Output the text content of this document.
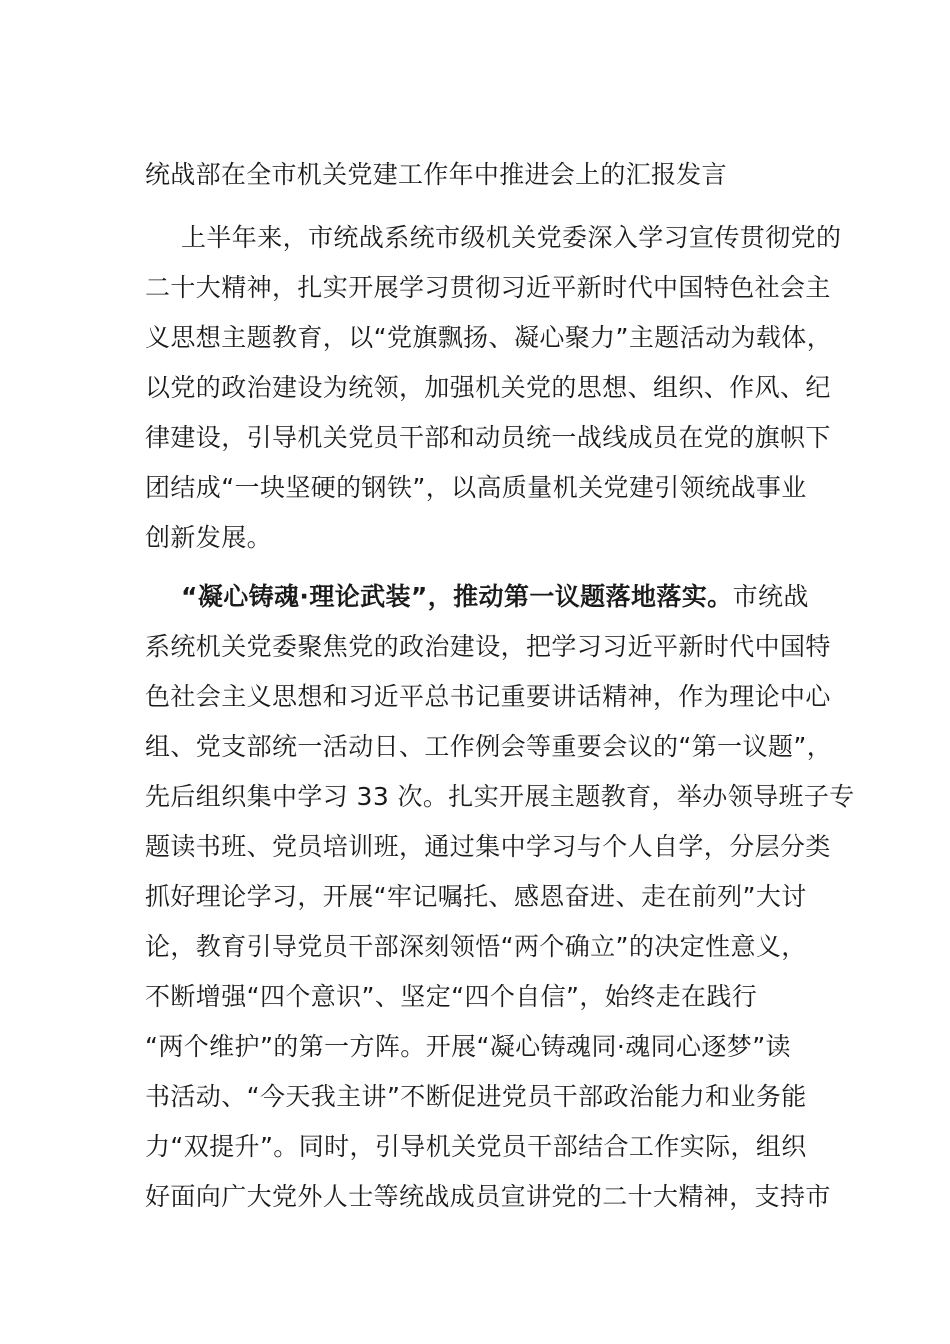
统战部在全市机关党建工作年中推进会上的汇报发言
上半年来，市统战系统市级机关党委深入学习宣传贯彻党的
二十大精神，扎实开展学习贯彻习近平新时代中国特色社会主
义思想主题教育，以“党旗飘扬、凝心聚力”主题活动为载体，
以党的政治建设为统领，加强机关党的思想、组织、作风、纪
律建设，引导机关党员干部和动员统一战线成员在党的旗帜下
团结成“一块坚硬的钢铁”，以高质量机关党建引领统战事业
创新发展。
“凝心铸魂·理论武装”，推动第一议题落地落实。市统战
系统机关党委聚焦党的政治建设，把学习习近平新时代中国特
色社会主义思想和习近平总书记重要讲话精神，作为理论中心
组、党支部统一活动日、工作例会等重要会议的“第一议题”，
先后组织集中学习 33 次。扎实开展主题教育，举办领导班子专
题读书班、党员培训班，通过集中学习与个人自学，分层分类
抓好理论学习，开展“牢记嘱托、感恩奋进、走在前列”大讨
论，教育引导党员干部深刻领悟“两个确立”的决定性意义，
不断增强“四个意识”、坚定“四个自信”，始终走在践行
“两个维护”的第一方阵。开展“凝心铸魂同·魂同心逐梦”读
书活动、“今天我主讲”不断促进党员干部政治能力和业务能
力“双提升”。同时，引导机关党员干部结合工作实际，组织
好面向广大党外人士等统战成员宣讲党的二十大精神，支持市
